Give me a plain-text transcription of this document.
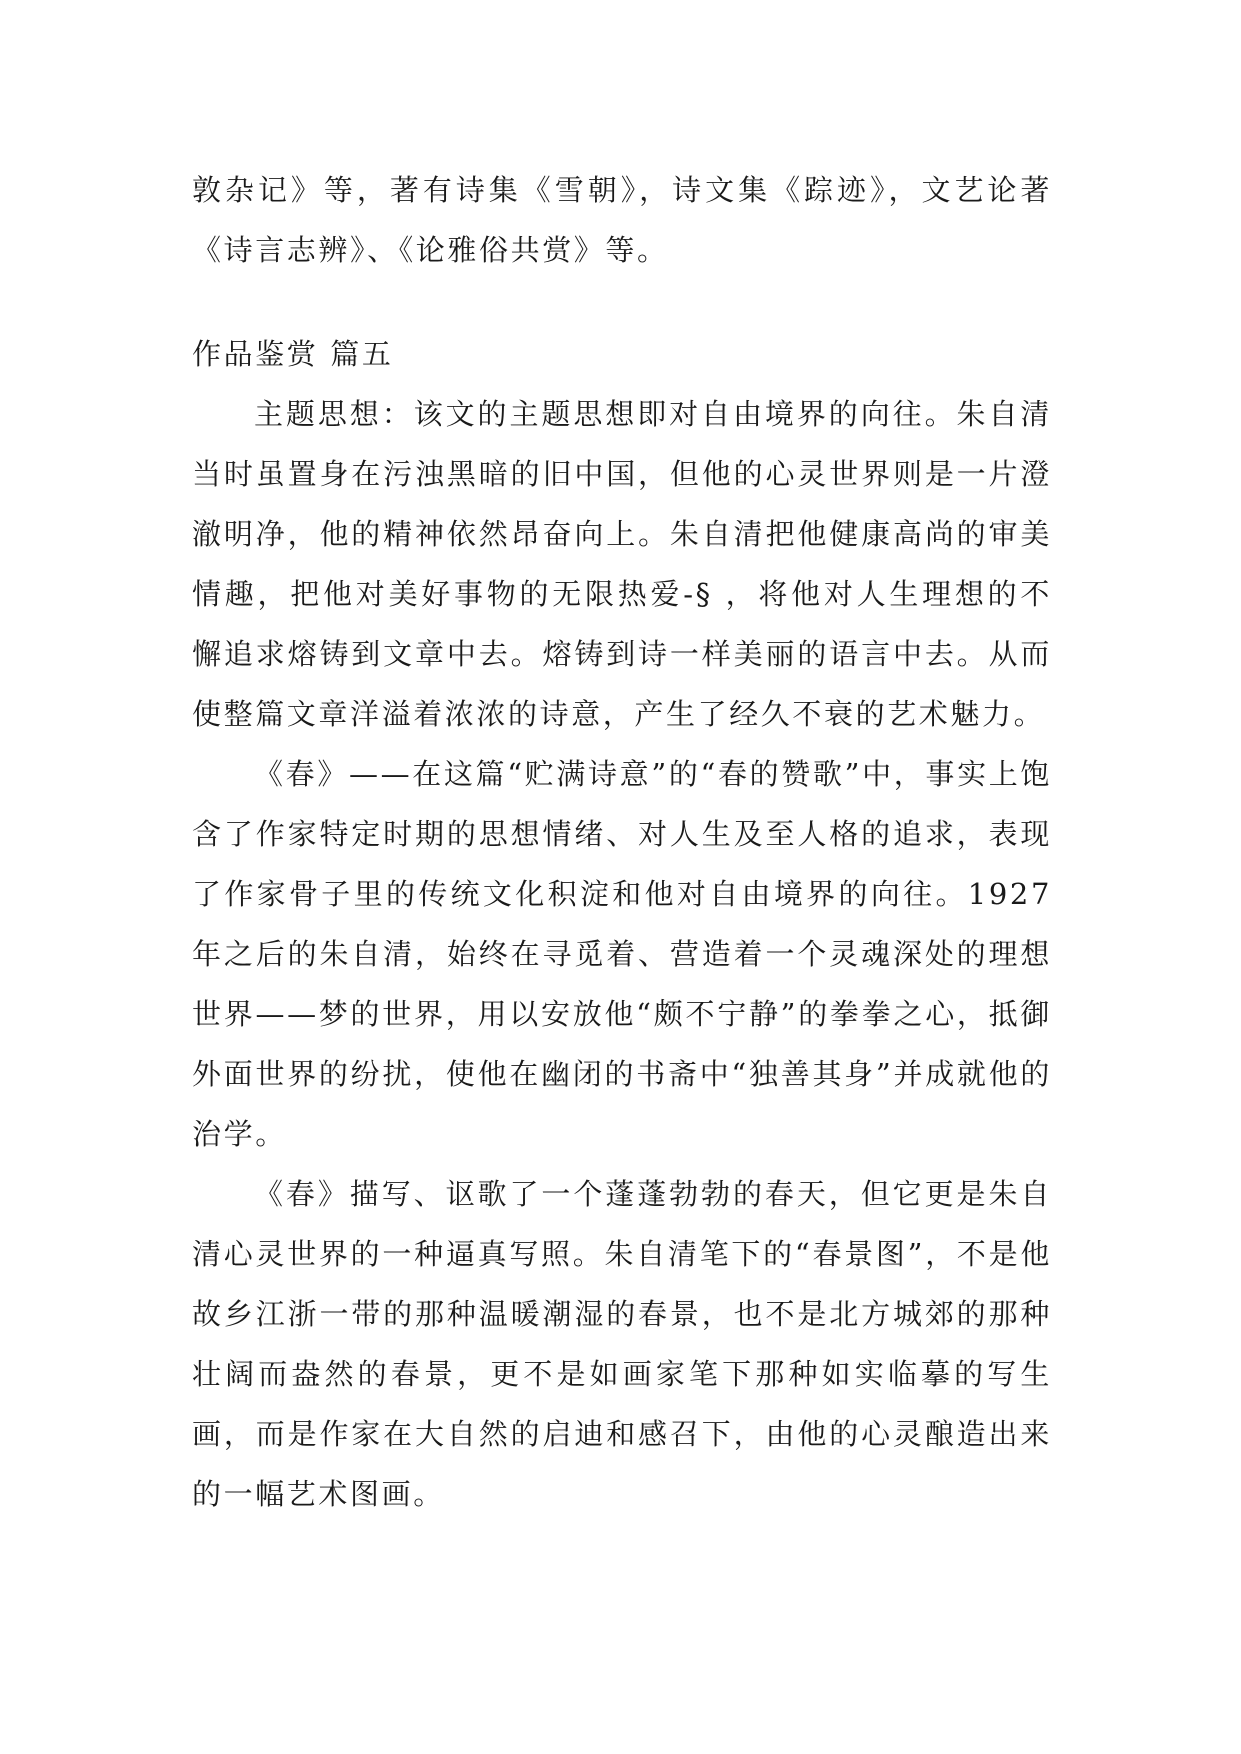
敦杂记》等，著有诗集《雪朝》，诗文集《踪迹》，文艺论著《诗言志辨》、《论雅俗共赏》等。

作品鉴赏 篇五

主题思想：该文的主题思想即对自由境界的向往。朱自清当时虽置身在污浊黑暗的旧中国，但他的心灵世界则是一片澄澈明净，他的精神依然昂奋向上。朱自清把他健康高尚的审美情趣，把他对美好事物的无限热爱-§ ，将他对人生理想的不懈追求熔铸到文章中去。熔铸到诗一样美丽的语言中去。从而使整篇文章洋溢着浓浓的诗意，产生了经久不衰的艺术魅力。

《春》——在这篇“贮满诗意”的“春的赞歌”中，事实上饱含了作家特定时期的思想情绪、对人生及至人格的追求，表现了作家骨子里的传统文化积淀和他对自由境界的向往。1927 年之后的朱自清，始终在寻觅着、营造着一个灵魂深处的理想世界——梦的世界，用以安放他“颇不宁静”的拳拳之心，抵御外面世界的纷扰，使他在幽闭的书斋中“独善其身”并成就他的治学。

《春》描写、讴歌了一个蓬蓬勃勃的春天，但它更是朱自清心灵世界的一种逼真写照。朱自清笔下的“春景图”，不是他故乡江浙一带的那种温暖潮湿的春景，也不是北方城郊的那种壮阔而盎然的春景，更不是如画家笔下那种如实临摹的写生画，而是作家在大自然的启迪和感召下，由他的心灵酿造出来的一幅艺术图画。
